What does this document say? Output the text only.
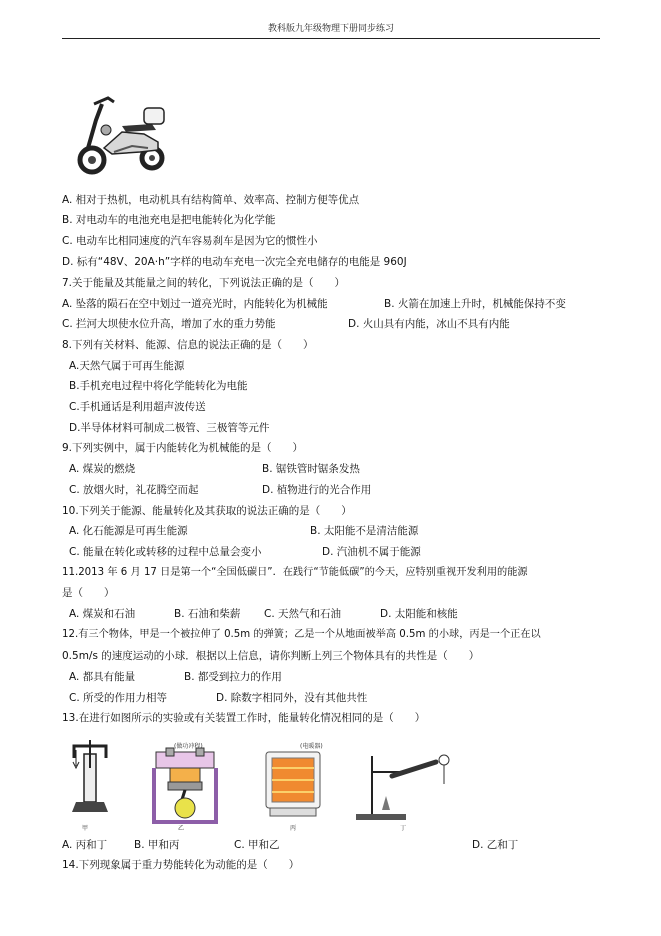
教科版九年级物理下册同步练习
A. 相对于热机，电动机具有结构简单、效率高、控制方便等优点
B. 对电动车的电池充电是把电能转化为化学能
C. 电动车比相同速度的汽车容易刹车是因为它的惯性小
D. 标有“48V、20A·h”字样的电动车充电一次完全充电储存的电能是 960J
7.关于能量及其能量之间的转化，下列说法正确的是（　　）
A. 坠落的陨石在空中划过一道亮光时，内能转化为机械能	B. 火箭在加速上升时，机械能保持不变
C. 拦河大坝使水位升高，增加了水的重力势能	D. 火山具有内能，冰山不具有内能
8.下列有关材料、能源、信息的说法正确的是（　　）
A.天然气属于可再生能源
B.手机充电过程中将化学能转化为电能
C.手机通话是利用超声波传送
D.半导体材料可制成二极管、三极管等元件
9.下列实例中，属于内能转化为机械能的是（　　）
A. 煤炭的燃烧	B. 锯铁管时锯条发热
C. 放烟火时，礼花腾空而起	D. 植物进行的光合作用
10.下列关于能源、能量转化及其获取的说法正确的是（　　）
A. 化石能源是可再生能源	B. 太阳能不是清洁能源
C. 能量在转化或转移的过程中总量会变小	D. 汽油机不属于能源
11.2013 年 6 月 17 日是第一个“全国低碳日”．在践行“节能低碳”的今天，应特别重视开发利用的能源
是（　　）
A. 煤炭和石油	B. 石油和柴薪 C. 天然气和石油	D. 太阳能和核能
12.有三个物体，甲是一个被拉伸了 0.5m 的弹簧；乙是一个从地面被举高 0.5m 的小球，丙是一个正在以
0.5m/s 的速度运动的小球．根据以上信息，请你判断上列三个物体具有的共性是（　　）
A. 都具有能量	B. 都受到拉力的作用
C. 所受的作用力相等	D. 除数字相同外，没有其他共性
13.在进行如图所示的实验或有关装置工作时，能量转化情况相同的是（　　）
甲
(做功冲程)
乙
(电暖器)
丙	丁
A. 丙和丁	B. 甲和丙	C. 甲和乙	D. 乙和丁
14.下列现象属于重力势能转化为动能的是（　　）
